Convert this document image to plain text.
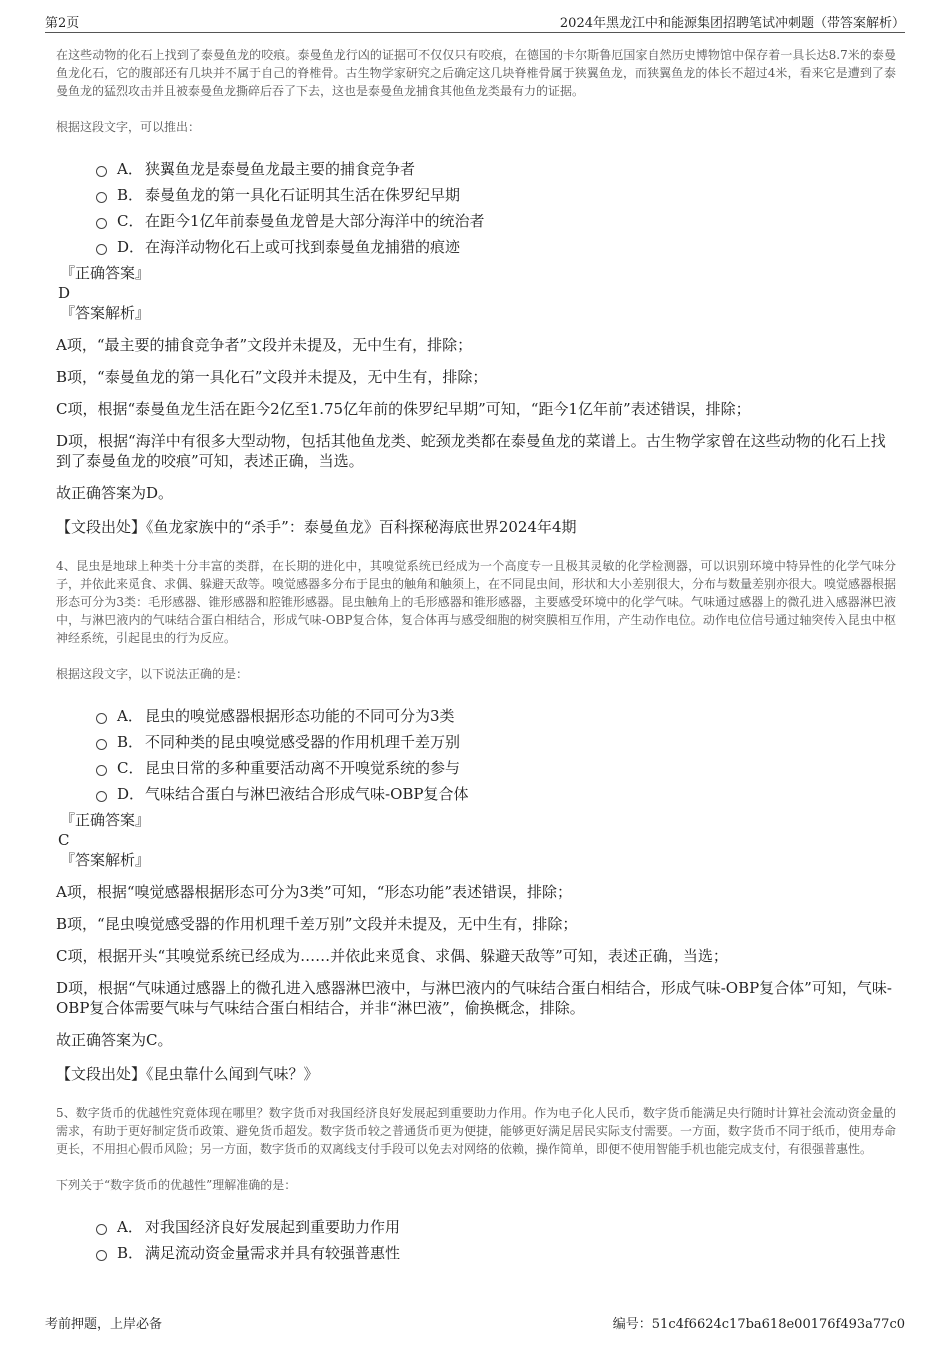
第2页	2024年黑龙江中和能源集团招聘笔试冲刺题（带答案解析）

在这些动物的化石上找到了泰曼鱼龙的咬痕。泰曼鱼龙行凶的证据可不仅仅只有咬痕，在德国的卡尔斯鲁厄国家自然历史博物馆中保存着一具长达8.7米的泰曼鱼龙化石，它的腹部还有几块并不属于自己的脊椎骨。古生物学家研究之后确定这几块脊椎骨属于狭翼鱼龙，而狭翼鱼龙的体长不超过4米，看来它是遭到了泰曼鱼龙的猛烈攻击并且被泰曼鱼龙撕碎后吞了下去，这也是泰曼鱼龙捕食其他鱼龙类最有力的证据。

根据这段文字，可以推出：

A． 狭翼鱼龙是泰曼鱼龙最主要的捕食竞争者
B． 泰曼鱼龙的第一具化石证明其生活在侏罗纪早期
C． 在距今1亿年前泰曼鱼龙曾是大部分海洋中的统治者
D． 在海洋动物化石上或可找到泰曼鱼龙捕猎的痕迹
『正确答案』
D
『答案解析』
A项，“最主要的捕食竞争者”文段并未提及，无中生有，排除；
B项，“泰曼鱼龙的第一具化石”文段并未提及，无中生有，排除；
C项，根据“泰曼鱼龙生活在距今2亿至1.75亿年前的侏罗纪早期”可知，“距今1亿年前”表述错误，排除；
D项，根据“海洋中有很多大型动物，包括其他鱼龙类、蛇颈龙类都在泰曼鱼龙的菜谱上。古生物学家曾在这些动物的化石上找到了泰曼鱼龙的咬痕”可知，表述正确，当选。
故正确答案为D。
【文段出处】《鱼龙家族中的“杀手”：泰曼鱼龙》百科探秘海底世界2024年4期

4、昆虫是地球上种类十分丰富的类群，在长期的进化中，其嗅觉系统已经成为一个高度专一且极其灵敏的化学检测器，可以识别环境中特异性的化学气味分子，并依此来觅食、求偶、躲避天敌等。嗅觉感器多分布于昆虫的触角和触须上，在不同昆虫间，形状和大小差别很大，分布与数量差别亦很大。嗅觉感器根据形态可分为3类：毛形感器、锥形感器和腔锥形感器。昆虫触角上的毛形感器和锥形感器，主要感受环境中的化学气味。气味通过感器上的微孔进入感器淋巴液中，与淋巴液内的气味结合蛋白相结合，形成气味-OBP复合体，复合体再与感受细胞的树突膜相互作用，产生动作电位。动作电位信号通过轴突传入昆虫中枢神经系统，引起昆虫的行为反应。

根据这段文字，以下说法正确的是：

A． 昆虫的嗅觉感器根据形态功能的不同可分为3类
B． 不同种类的昆虫嗅觉感受器的作用机理千差万别
C． 昆虫日常的多种重要活动离不开嗅觉系统的参与
D． 气味结合蛋白与淋巴液结合形成气味-OBP复合体
『正确答案』
C
『答案解析』
A项，根据“嗅觉感器根据形态可分为3类”可知，“形态功能”表述错误，排除；
B项，“昆虫嗅觉感受器的作用机理千差万别”文段并未提及，无中生有，排除；
C项，根据开头“其嗅觉系统已经成为……并依此来觅食、求偶、躲避天敌等”可知，表述正确，当选；
D项，根据“气味通过感器上的微孔进入感器淋巴液中，与淋巴液内的气味结合蛋白相结合，形成气味-OBP复合体”可知，气味-OBP复合体需要气味与气味结合蛋白相结合，并非“淋巴液”，偷换概念，排除。
故正确答案为C。
【文段出处】《昆虫靠什么闻到气味？》

5、数字货币的优越性究竟体现在哪里？数字货币对我国经济良好发展起到重要助力作用。作为电子化人民币，数字货币能满足央行随时计算社会流动资金量的需求，有助于更好制定货币政策、避免货币超发。数字货币较之普通货币更为便捷，能够更好满足居民实际支付需要。一方面，数字货币不同于纸币，使用寿命更长，不用担心假币风险；另一方面，数字货币的双离线支付手段可以免去对网络的依赖，操作简单，即便不使用智能手机也能完成支付，有很强普惠性。

下列关于“数字货币的优越性”理解准确的是：

A． 对我国经济良好发展起到重要助力作用
B． 满足流动资金量需求并具有较强普惠性
考前押题，上岸必备	编号：51c4f6624c17ba618e00176f493a77c0
